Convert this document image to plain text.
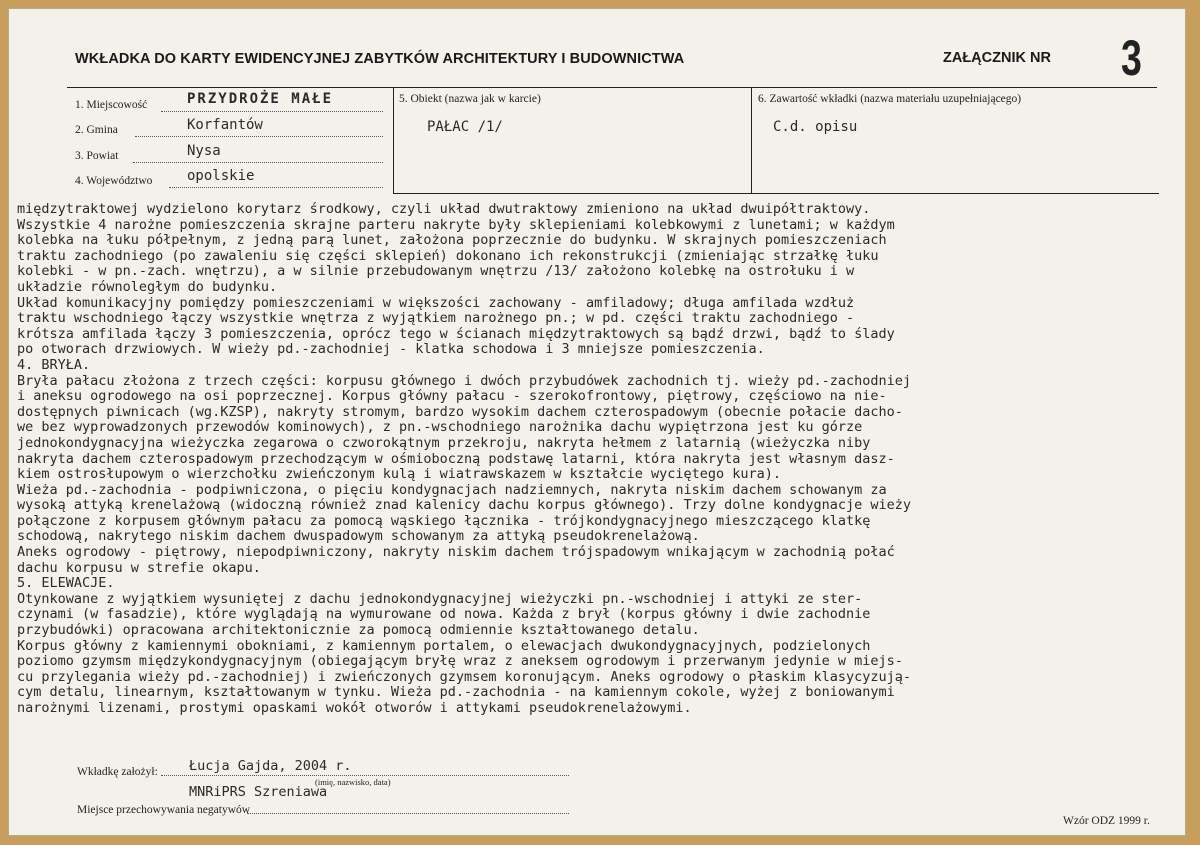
WKŁADKA DO KARTY EWIDENCYJNEJ ZABYTKÓW ARCHITEKTURY I BUDOWNICTWA	ZAŁĄCZNIK NR 3
1. Miejscowość	PRZYDROŻE MAŁE
2. Gmina	Korfantów
3. Powiat	Nysa
4. Województwo opolskie
5. Obiekt (nazwa jak w karcie)
PAŁAC /1/
6. Zawartość wkładki (nazwa materiału uzupełniającego)
C.d. opisu
międzytraktowej wydzielono korytarz środkowy, czyli układ dwutraktowy zmieniono na układ dwuipółtraktowy.
Wszystkie 4 narożne pomieszczenia skrajne parteru nakryte były sklepieniami kolebkowymi z lunetami; w każdym
kolebka na łuku półpełnym, z jedną parą lunet, założona poprzecznie do budynku. W skrajnych pomieszczeniach
traktu zachodniego (po zawaleniu się części sklepień) dokonano ich rekonstrukcji (zmieniając strzałkę łuku
kolebki - w pn.-zach. wnętrzu), a w silnie przebudowanym wnętrzu /13/ założono kolebkę na ostrołuku i w
układzie równoległym do budynku.
Układ komunikacyjny pomiędzy pomieszczeniami w większości zachowany - amfiladowy; długa amfilada wzdłuż
traktu wschodniego łączy wszystkie wnętrza z wyjątkiem narożnego pn.; w pd. części traktu zachodniego -
krótsza amfilada łączy 3 pomieszczenia, oprócz tego w ścianach międzytraktowych są bądź drzwi, bądź to ślady
po otworach drzwiowych. W wieży pd.-zachodniej - klatka schodowa i 3 mniejsze pomieszczenia.
4. BRYŁA.
Bryła pałacu złożona z trzech części: korpusu głównego i dwóch przybudówek zachodnich tj. wieży pd.-zachodniej
i aneksu ogrodowego na osi poprzecznej. Korpus główny pałacu - szerokofrontowy, piętrowy, częściowo na nie-
dostępnych piwnicach (wg.KZSP), nakryty stromym, bardzo wysokim dachem czterospadowym (obecnie połacie dacho-
we bez wyprowadzonych przewodów kominowych), z pn.-wschodniego narożnika dachu wypiętrzona jest ku górze
jednokondygnacyjna wieżyczka zegarowa o czworokątnym przekroju, nakryta hełmem z latarnią (wieżyczka niby
nakryta dachem czterospadowym przechodzącym w ośmioboczną podstawę latarni, która nakryta jest własnym dasz-
kiem ostrosłupowym o wierzchołku zwieńczonym kulą i wiatrawskazem w kształcie wyciętego kura).
Wieża pd.-zachodnia - podpiwniczona, o pięciu kondygnacjach nadziemnych, nakryta niskim dachem schowanym za
wysoką attyką krenelażową (widoczną również znad kalenicy dachu korpus głównego). Trzy dolne kondygnacje wieży
połączone z korpusem głównym pałacu za pomocą wąskiego łącznika - trójkondygnacyjnego mieszczącego klatkę
schodową, nakrytego niskim dachem dwuspadowym schowanym za attyką pseudokrenelażową.
Aneks ogrodowy - piętrowy, niepodpiwniczony, nakryty niskim dachem trójspadowym wnikającym w zachodnią połać
dachu korpusu w strefie okapu.
5. ELEWACJE.
Otynkowane z wyjątkiem wysuniętej z dachu jednokondygnacyjnej wieżyczki pn.-wschodniej i attyki ze ster-
czynami (w fasadzie), które wyglądają na wymurowane od nowa. Każda z brył (korpus główny i dwie zachodnie
przybudówki) opracowana architektonicznie za pomocą odmiennie kształtowanego detalu.
Korpus główny z kamiennymi obokniami, z kamiennym portalem, o elewacjach dwukondygnacyjnych, podzielonych
poziomo gzymsm międzykondygnacyjnym (obiegającym bryłę wraz z aneksem ogrodowym i przerwanym jedynie w miejs-
cu przylegania wieży pd.-zachodniej) i zwieńczonych gzymsem koronującym. Aneks ogrodowy o płaskim klasycyzują-
cym detalu, linearnym, kształtowanym w tynku. Wieża pd.-zachodnia - na kamiennym cokole, wyżej z boniowanymi
narożnymi lizenami, prostymi opaskami wokół otworów i attykami pseudokrenelażowymi.
Wkładkę założył: Łucja Gajda, 2004 r.
(imię, nazwisko, data)
MNRiPRS Szreniawa
Miejsce przechowywania negatywów
Wzór ODZ 1999 r.
